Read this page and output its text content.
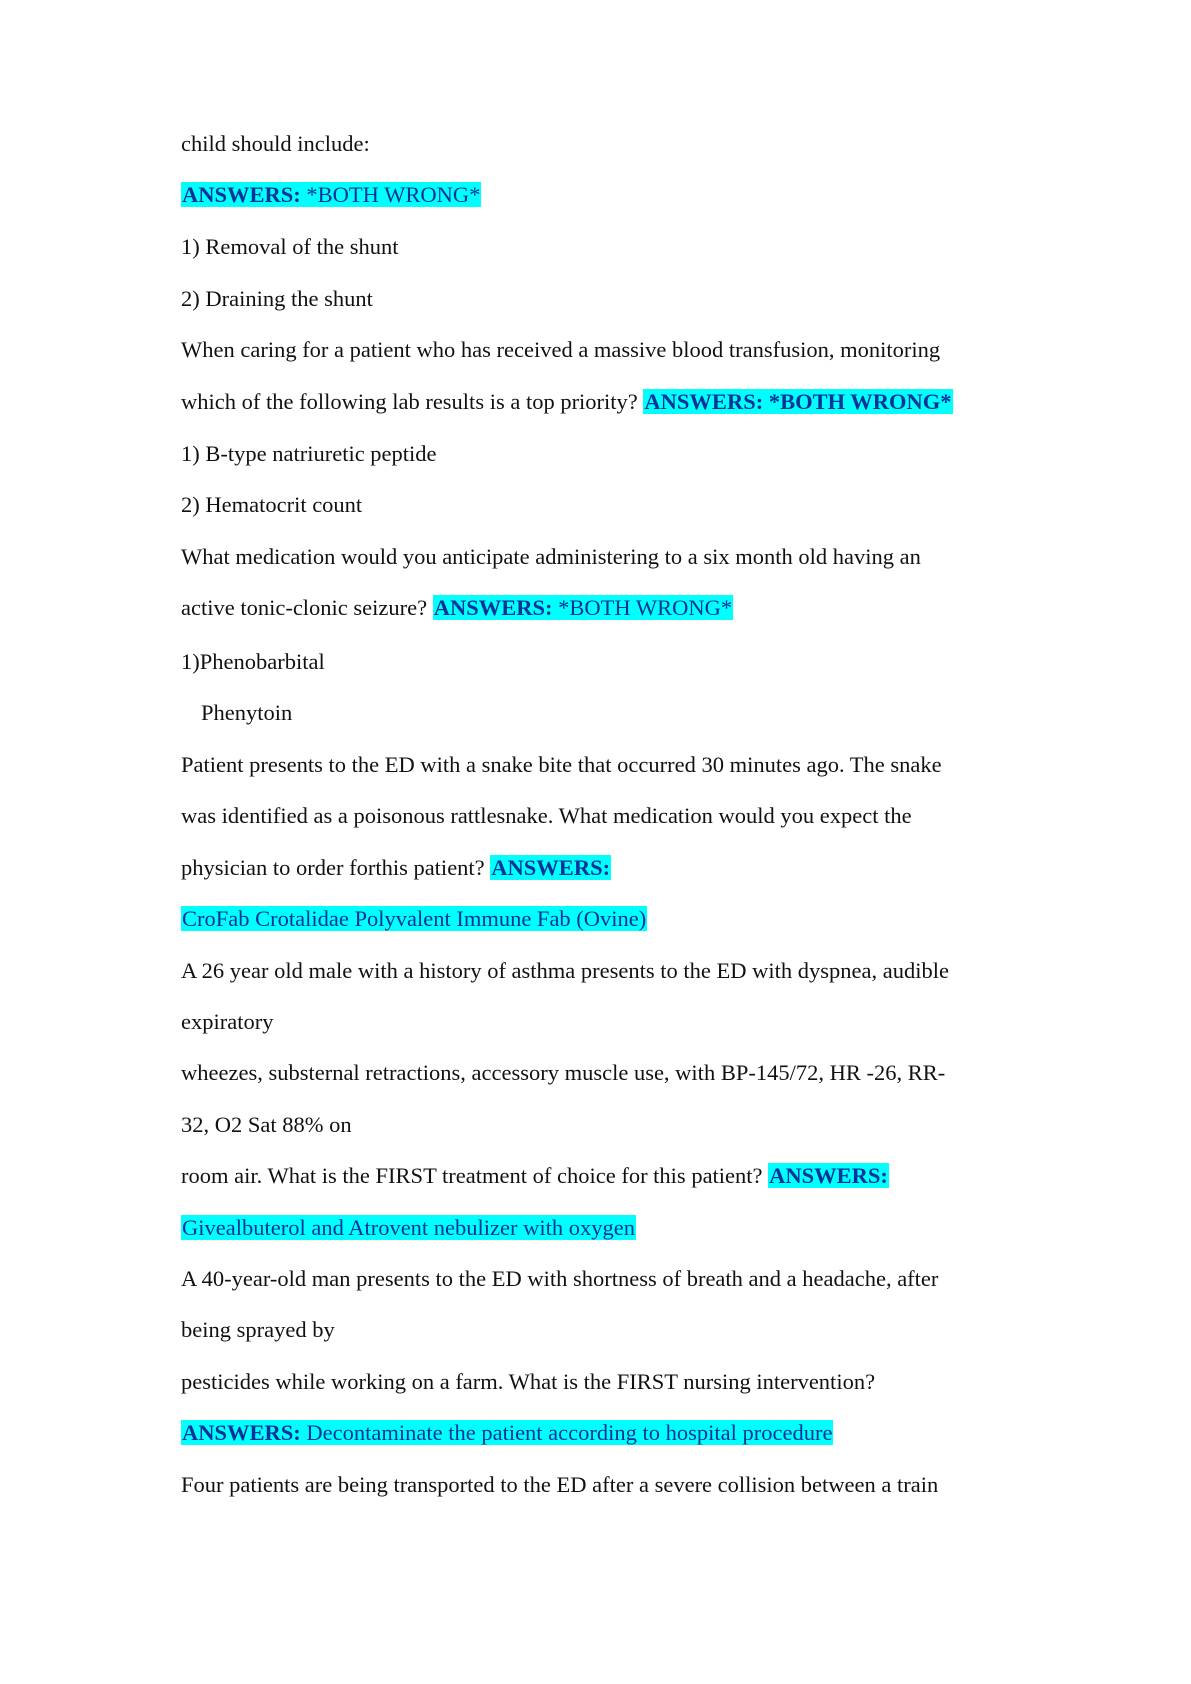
child should include:
ANSWERS: *BOTH WRONG*
1) Removal of the shunt
2) Draining the shunt
When caring for a patient who has received a massive blood transfusion, monitoring
which of the following lab results is a top priority? ANSWERS: *BOTH WRONG*
1) B-type natriuretic peptide
2) Hematocrit count
What medication would you anticipate administering to a six month old having an
active tonic-clonic seizure? ANSWERS: *BOTH WRONG*
1)Phenobarbital
Phenytoin
Patient presents to the ED with a snake bite that occurred 30 minutes ago. The snake
was identified as a poisonous rattlesnake. What medication would you expect the
physician to order forthis patient? ANSWERS:
CroFab Crotalidae Polyvalent Immune Fab (Ovine)
A 26 year old male with a history of asthma presents to the ED with dyspnea, audible
expiratory
wheezes, substernal retractions, accessory muscle use, with BP-145/72, HR -26, RR-
32, O2 Sat 88% on
room air. What is the FIRST treatment of choice for this patient? ANSWERS:
Givealbuterol and Atrovent nebulizer with oxygen
A 40-year-old man presents to the ED with shortness of breath and a headache, after
being sprayed by
pesticides while working on a farm. What is the FIRST nursing intervention?
ANSWERS: Decontaminate the patient according to hospital procedure
Four patients are being transported to the ED after a severe collision between a train
